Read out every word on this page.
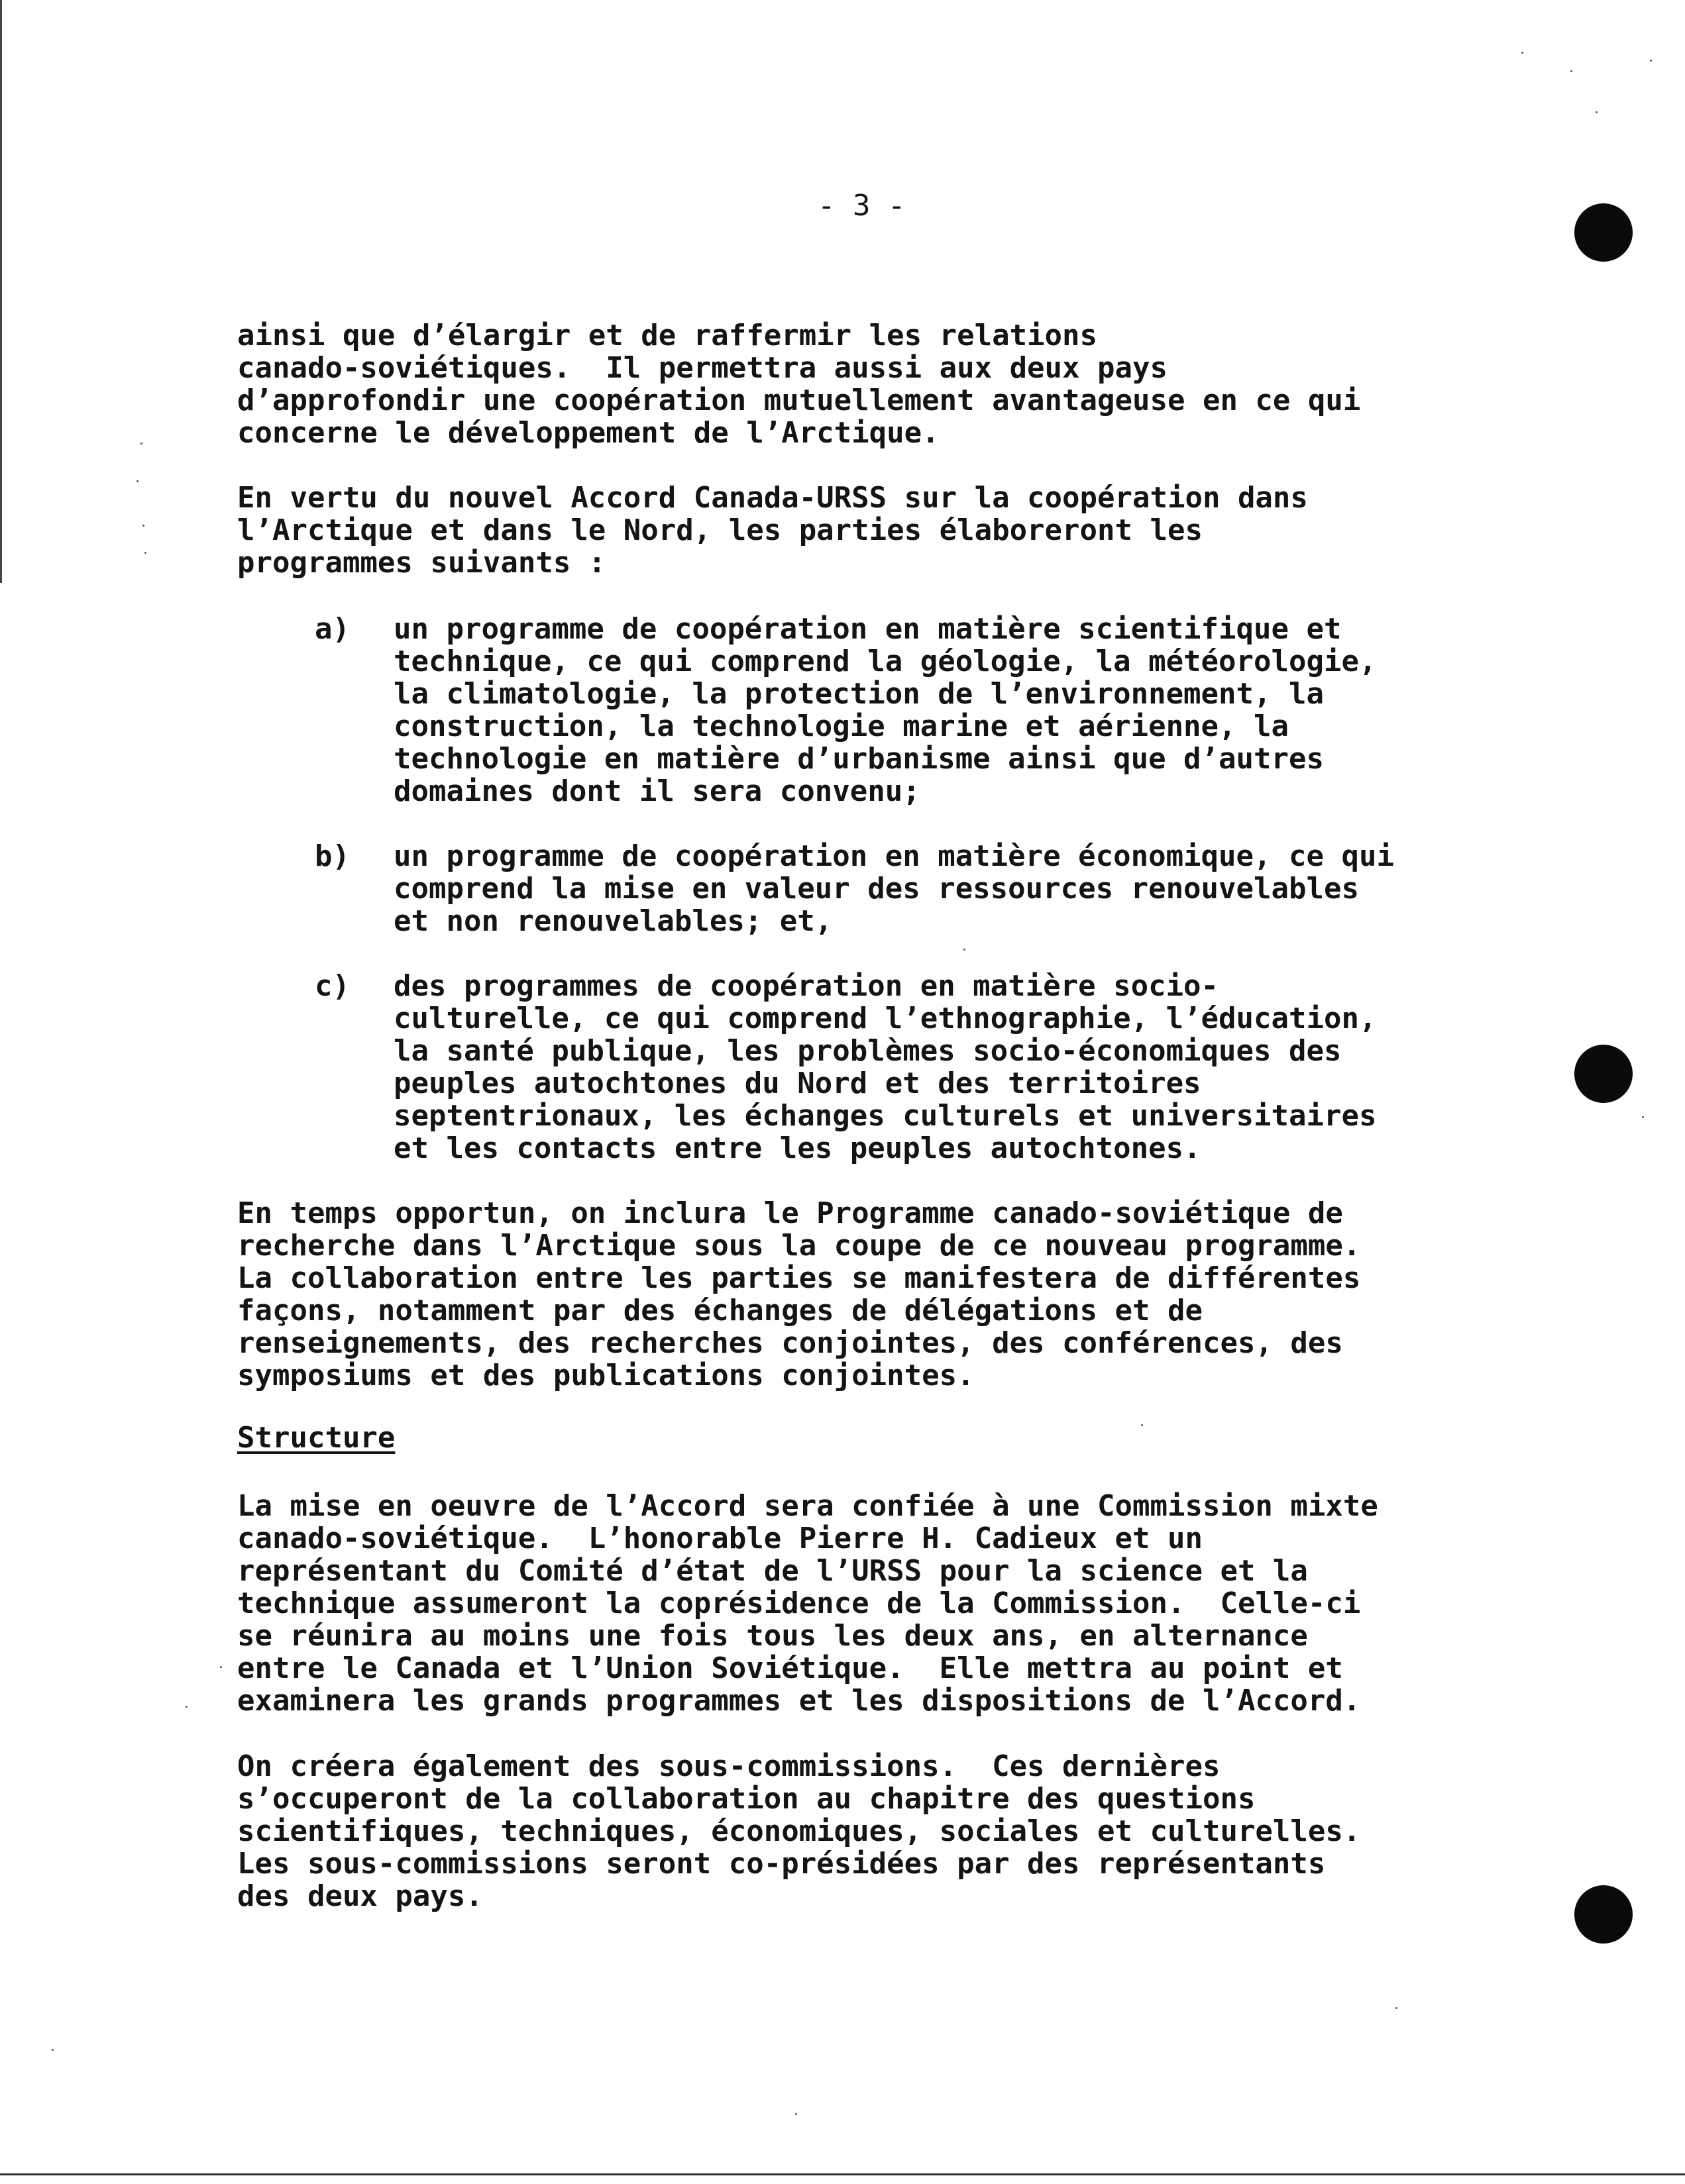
- 3 -
ainsi que d’élargir et de raffermir les relations
canado-soviétiques.  Il permettra aussi aux deux pays
d’approfondir une coopération mutuellement avantageuse en ce qui
concerne le développement de l’Arctique.
En vertu du nouvel Accord Canada-URSS sur la coopération dans
l’Arctique et dans le Nord, les parties élaboreront les
programmes suivants :
a) un programme de coopération en matière scientifique et
technique, ce qui comprend la géologie, la météorologie,
la climatologie, la protection de l’environnement, la
construction, la technologie marine et aérienne, la
technologie en matière d’urbanisme ainsi que d’autres
domaines dont il sera convenu;
b) un programme de coopération en matière économique, ce qui
comprend la mise en valeur des ressources renouvelables
et non renouvelables; et,
c) des programmes de coopération en matière socio-
culturelle, ce qui comprend l’ethnographie, l’éducation,
la santé publique, les problèmes socio-économiques des
peuples autochtones du Nord et des territoires
septentrionaux, les échanges culturels et universitaires
et les contacts entre les peuples autochtones.
En temps opportun, on inclura le Programme canado-soviétique de
recherche dans l’Arctique sous la coupe de ce nouveau programme.
La collaboration entre les parties se manifestera de différentes
façons, notamment par des échanges de délégations et de
renseignements, des recherches conjointes, des conférences, des
symposiums et des publications conjointes.
Structure
La mise en oeuvre de l’Accord sera confiée à une Commission mixte
canado-soviétique.  L’honorable Pierre H. Cadieux et un
représentant du Comité d’état de l’URSS pour la science et la
technique assumeront la coprésidence de la Commission.  Celle-ci
se réunira au moins une fois tous les deux ans, en alternance
entre le Canada et l’Union Soviétique.  Elle mettra au point et
examinera les grands programmes et les dispositions de l’Accord.
On créera également des sous-commissions.  Ces dernières
s’occuperont de la collaboration au chapitre des questions
scientifiques, techniques, économiques, sociales et culturelles.
Les sous-commissions seront co-présidées par des représentants
des deux pays.
